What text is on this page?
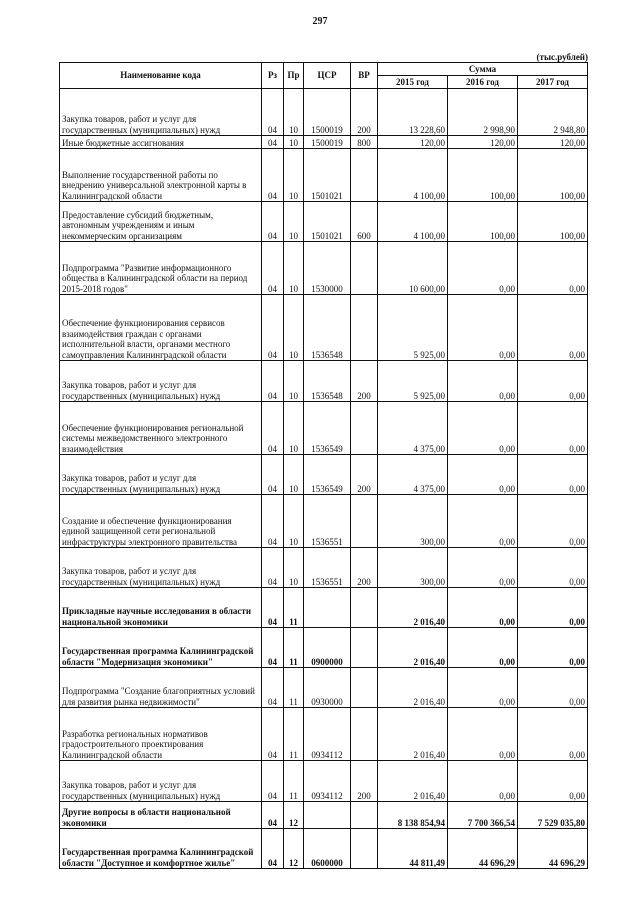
297
(тыс.рублей)
Наименование кода	Рз	Пр	ЦСР	ВР	Сумма		
					2015 год	2016 год	2017 год
Закупка товаров, работ и услуг для государственных (муниципальных) нужд	04	10	1500019	200	13 228,60	2 998,90	2 948,80
Иные бюджетные ассигнования	04	10	1500019	800	120,00	120,00	120,00
Выполнение государственной работы по внедрению универсальной электронной карты в Калининградской области	04	10	1501021		4 100,00	100,00	100,00
Предоставление субсидий бюджетным, автономным учреждениям и иным некоммерческим организациям	04	10	1501021	600	4 100,00	100,00	100,00
Подпрограмма "Развитие информационного общества в Калининградской области на период 2015-2018 годов"	04	10	1530000		10 600,00	0,00	0,00
Обеспечение функционирования сервисов взаимодействия граждан с органами исполнительной власти, органами местного самоуправления Калининградской области	04	10	1536548		5 925,00	0,00	0,00
Закупка товаров, работ и услуг для государственных (муниципальных) нужд	04	10	1536548	200	5 925,00	0,00	0,00
Обеспечение функционирования региональной системы межведомственного электронного взаимодействия	04	10	1536549		4 375,00	0,00	0,00
Закупка товаров, работ и услуг для государственных (муниципальных) нужд	04	10	1536549	200	4 375,00	0,00	0,00
Создание и обеспечение функционирования единой защищенной сети региональной инфраструктуры электронного правительства	04	10	1536551		300,00	0,00	0,00
Закупка товаров, работ и услуг для государственных (муниципальных) нужд	04	10	1536551	200	300,00	0,00	0,00
Прикладные научные исследования в области национальной экономики	04	11			2 016,40	0,00	0,00
Государственная программа Калининградской области "Модернизация экономики"	04	11	0900000		2 016,40	0,00	0,00
Подпрограмма "Создание благоприятных условий для развития рынка недвижимости"	04	11	0930000		2 016,40	0,00	0,00
Разработка региональных нормативов градостроительного проектирования Калининградской области	04	11	0934112		2 016,40	0,00	0,00
Закупка товаров, работ и услуг для государственных (муниципальных) нужд	04	11	0934112	200	2 016,40	0,00	0,00
Другие вопросы в области национальной экономики	04	12			8 138 854,94	7 700 366,54	7 529 035,80
Государственная программа Калининградской области "Доступное и комфортное жилье"	04	12	0600000		44 811,49	44 696,29	44 696,29
